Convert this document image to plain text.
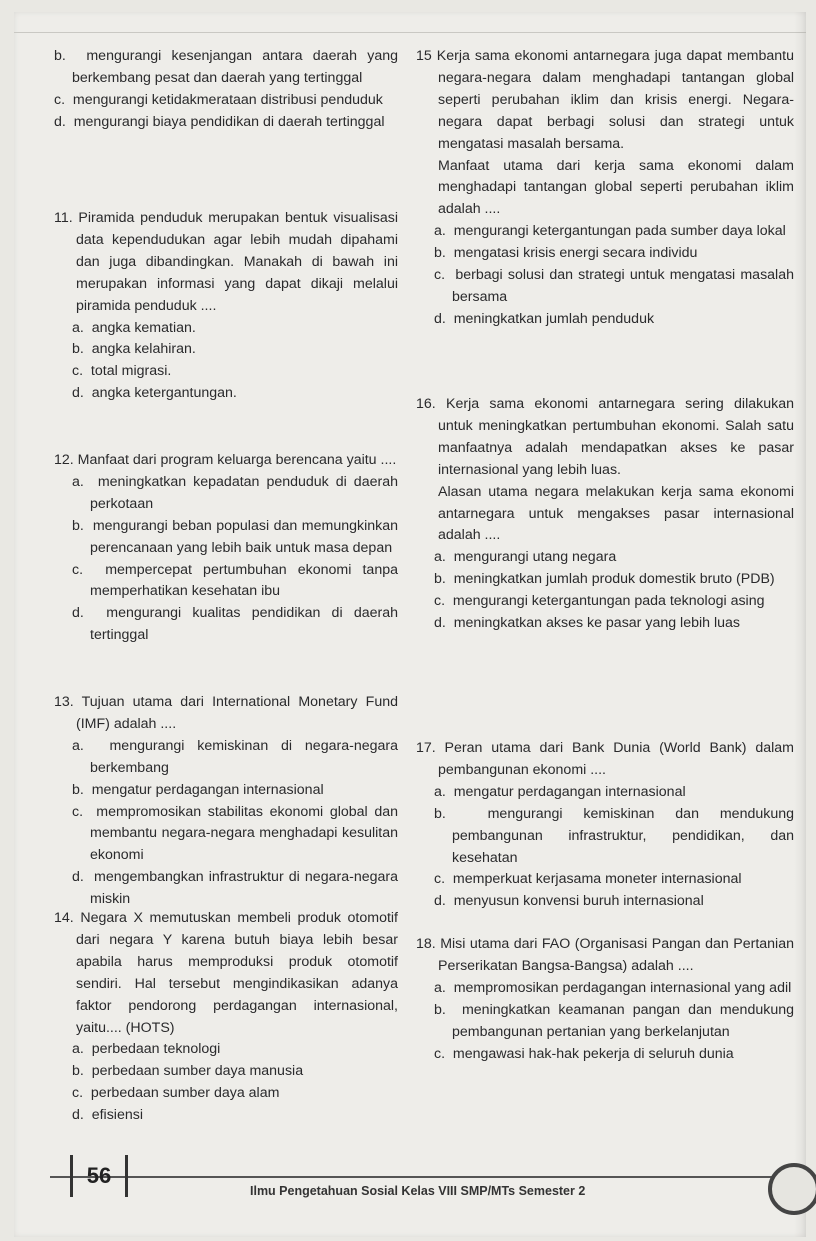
b.  mengurangi kesenjangan antara daerah yang berkembang pesat dan daerah yang tertinggal
c.  mengurangi ketidakmerataan distribusi penduduk
d.  mengurangi biaya pendidikan di daerah tertinggal
11. Piramida penduduk merupakan bentuk visualisasi data kependudukan agar lebih mudah dipahami dan juga dibandingkan. Manakah di bawah ini merupakan informasi yang dapat dikaji melalui piramida penduduk ....
a.  angka kematian.
b.  angka kelahiran.
c.  total migrasi.
d.  angka ketergantungan.
12. Manfaat dari program keluarga berencana yaitu ....
a.  meningkatkan kepadatan penduduk di daerah perkotaan
b.  mengurangi beban populasi dan memungkinkan perencanaan yang lebih baik untuk masa depan
c.  mempercepat pertumbuhan ekonomi tanpa memperhatikan kesehatan ibu
d.  mengurangi kualitas pendidikan di daerah tertinggal
13. Tujuan utama dari International Monetary Fund (IMF) adalah ....
a.  mengurangi kemiskinan di negara-negara berkembang
b.  mengatur perdagangan internasional
c.  mempromosikan stabilitas ekonomi global dan membantu negara-negara menghadapi kesulitan ekonomi
d.  mengembangkan infrastruktur di negara-negara miskin
14. Negara X memutuskan membeli produk otomotif dari negara Y karena butuh biaya lebih besar apabila harus memproduksi produk otomotif sendiri. Hal tersebut mengindikasikan adanya faktor pendorong perdagangan internasional, yaitu.... (HOTS)
a.  perbedaan teknologi
b.  perbedaan sumber daya manusia
c.  perbedaan sumber daya alam
d.  efisiensi
15 Kerja sama ekonomi antarnegara juga dapat membantu negara-negara dalam menghadapi tantangan global seperti perubahan iklim dan krisis energi. Negara-negara dapat berbagi solusi dan strategi untuk mengatasi masalah bersama.
Manfaat utama dari kerja sama ekonomi dalam menghadapi tantangan global seperti perubahan iklim adalah ....
a.  mengurangi ketergantungan pada sumber daya lokal
b.  mengatasi krisis energi secara individu
c.  berbagi solusi dan strategi untuk mengatasi masalah bersama
d.  meningkatkan jumlah penduduk
16. Kerja sama ekonomi antarnegara sering dilakukan untuk meningkatkan pertumbuhan ekonomi. Salah satu manfaatnya adalah mendapatkan akses ke pasar internasional yang lebih luas.
Alasan utama negara melakukan kerja sama ekonomi antarnegara untuk mengakses pasar internasional adalah ....
a.  mengurangi utang negara
b.  meningkatkan jumlah produk domestik bruto (PDB)
c.  mengurangi ketergantungan pada teknologi asing
d.  meningkatkan akses ke pasar yang lebih luas
17. Peran utama dari Bank Dunia (World Bank) dalam pembangunan ekonomi ....
a.  mengatur perdagangan internasional
b.  mengurangi kemiskinan dan mendukung pembangunan infrastruktur, pendidikan, dan kesehatan
c.  memperkuat kerjasama moneter internasional
d.  menyusun konvensi buruh internasional
18. Misi utama dari FAO (Organisasi Pangan dan Pertanian Perserikatan Bangsa-Bangsa) adalah ....
a.  mempromosikan perdagangan internasional yang adil
b.  meningkatkan keamanan pangan dan mendukung pembangunan pertanian yang berkelanjutan
c.  mengawasi hak-hak pekerja di seluruh dunia
56
Ilmu Pengetahuan Sosial Kelas VIII SMP/MTs Semester 2
